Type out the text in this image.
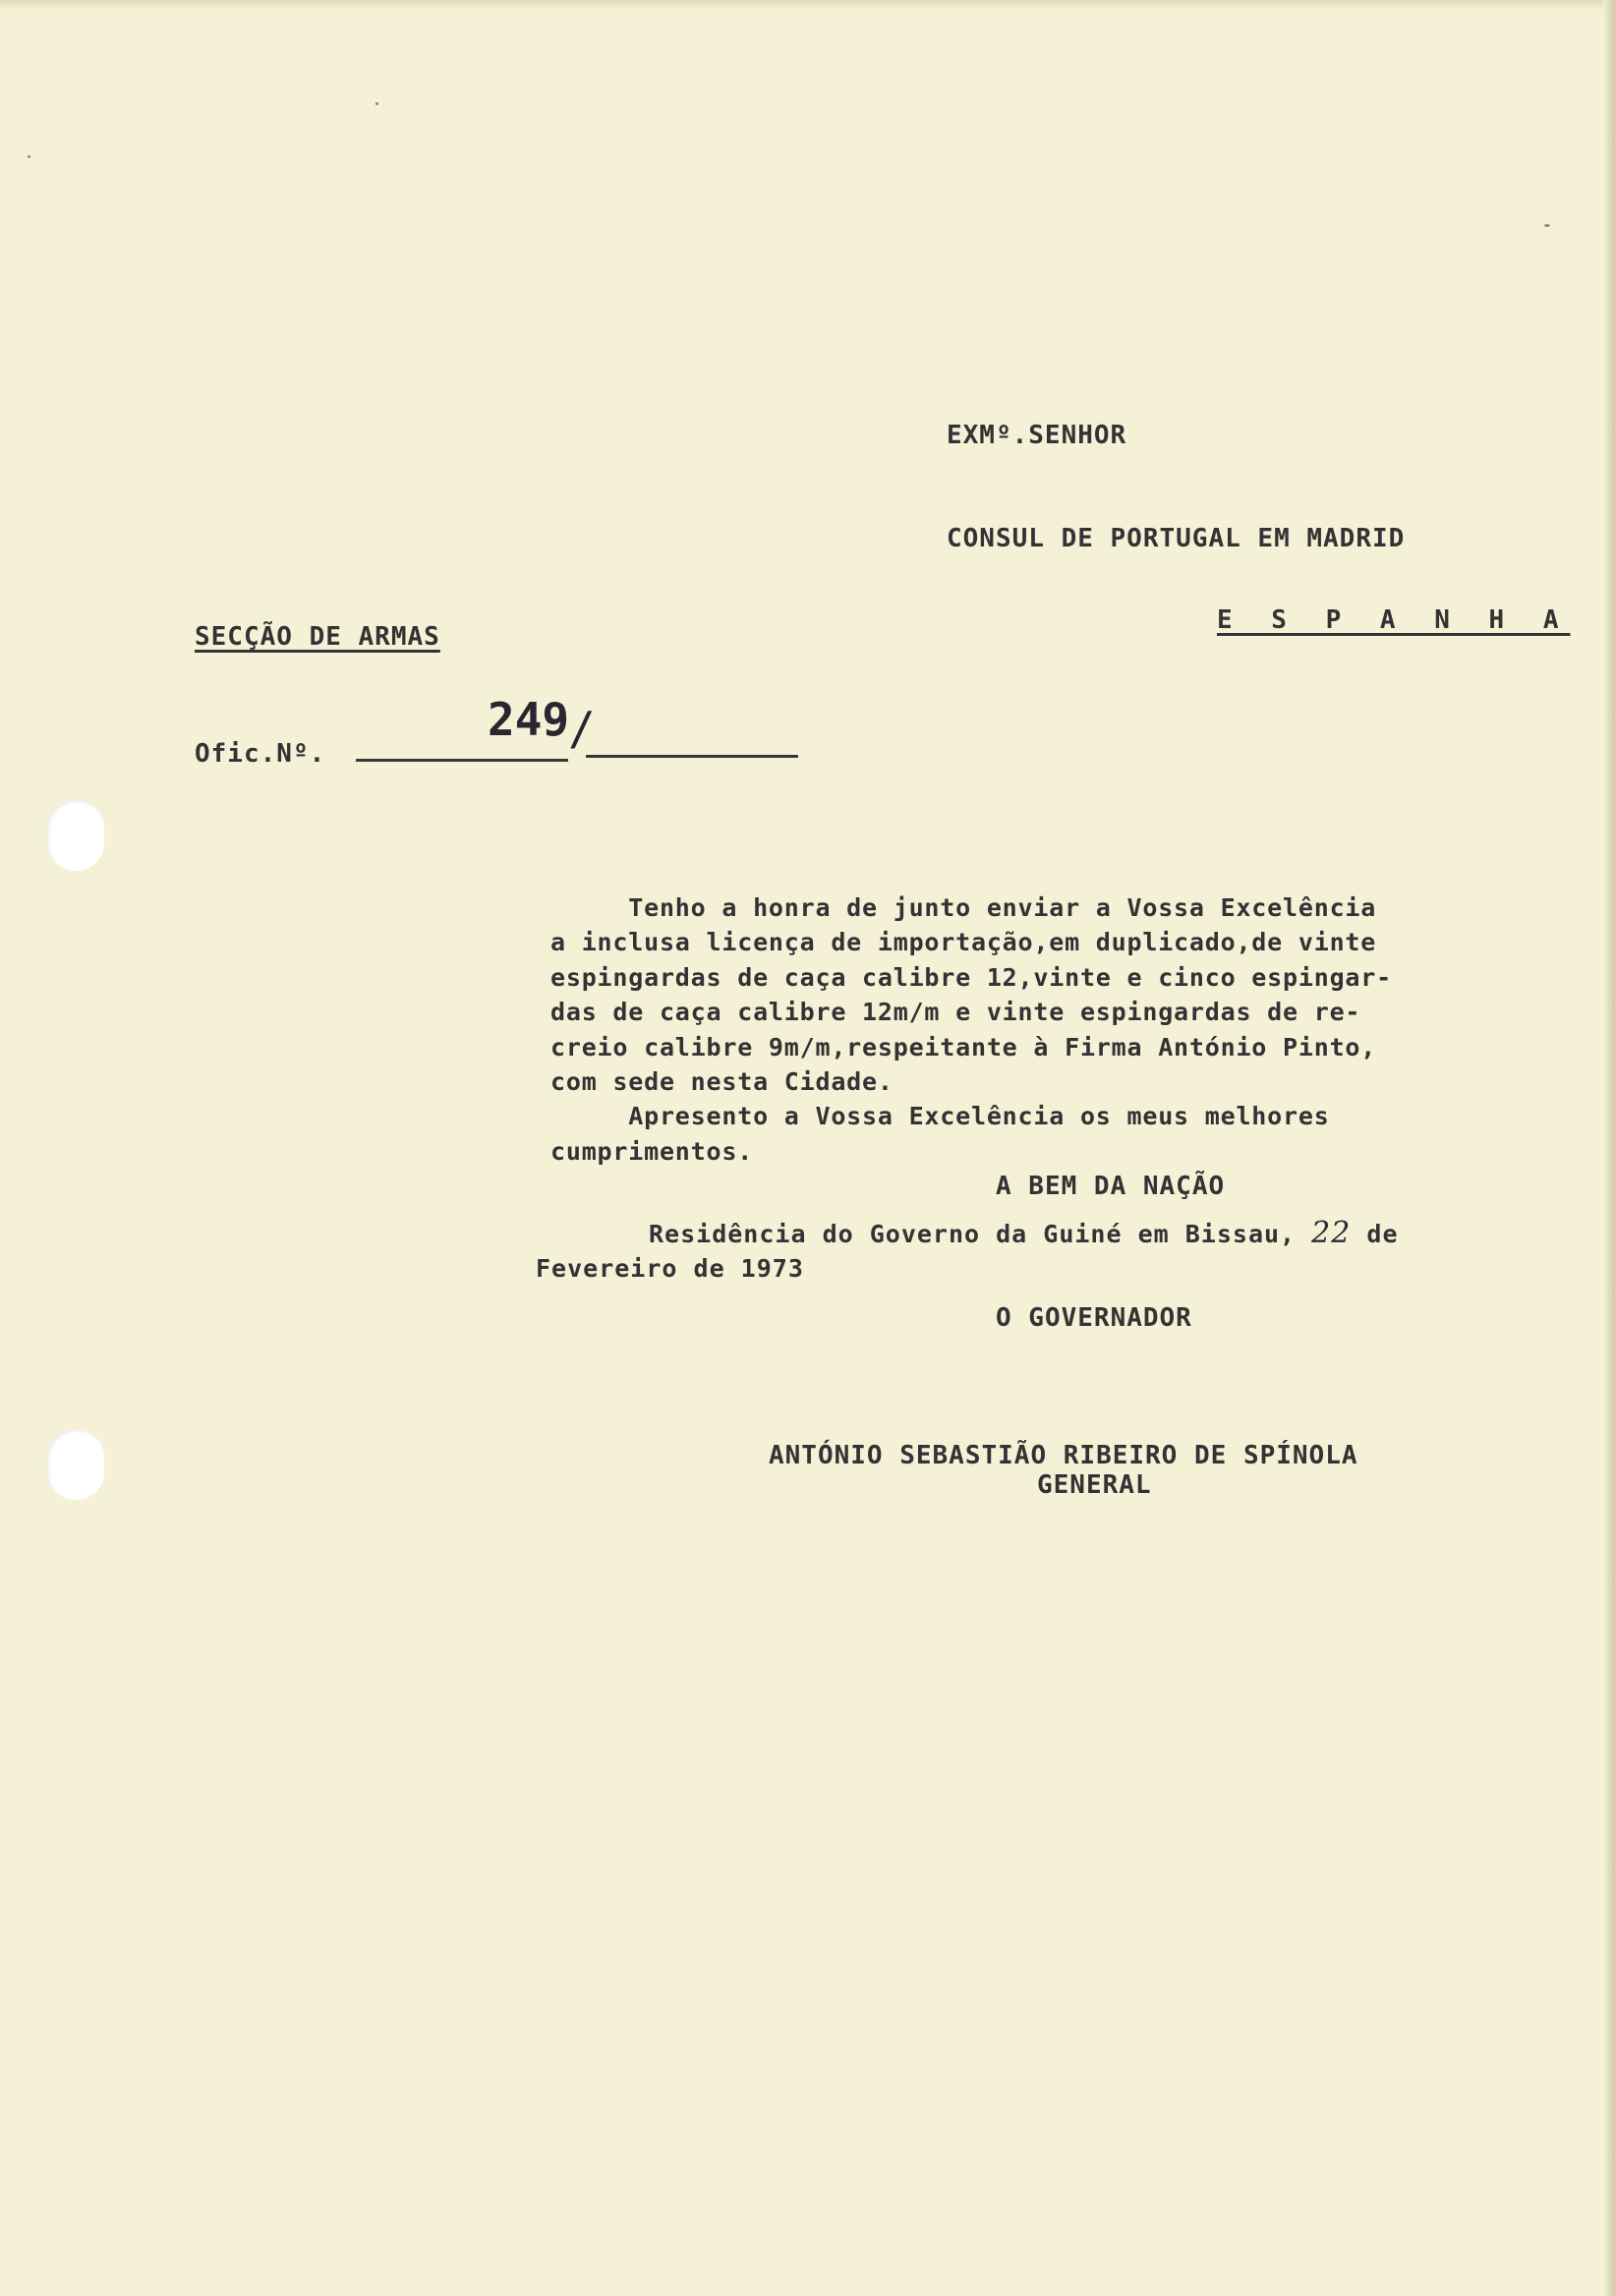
EXMº.SENHOR

CONSUL DE PORTUGAL EM MADRID

E S P A N H A

SECÇÃO DE ARMAS

Ofic.Nº.

249

/

Tenho a honra de junto enviar a Vossa Excelência
a inclusa licença de importação,em duplicado,de vinte
espingardas de caça calibre 12,vinte e cinco espingar-
das de caça calibre 12m/m e vinte espingardas de re-
creio calibre 9m/m,respeitante à Firma António Pinto,
com sede nesta Cidade.
Apresento a Vossa Excelência os meus melhores
cumprimentos.

A BEM DA NAÇÃO

Residência do Governo da Guiné em Bissau, 22 de

Fevereiro de 1973

O GOVERNADOR

ANTÓNIO SEBASTIÃO RIBEIRO DE SPÍNOLA

GENERAL
